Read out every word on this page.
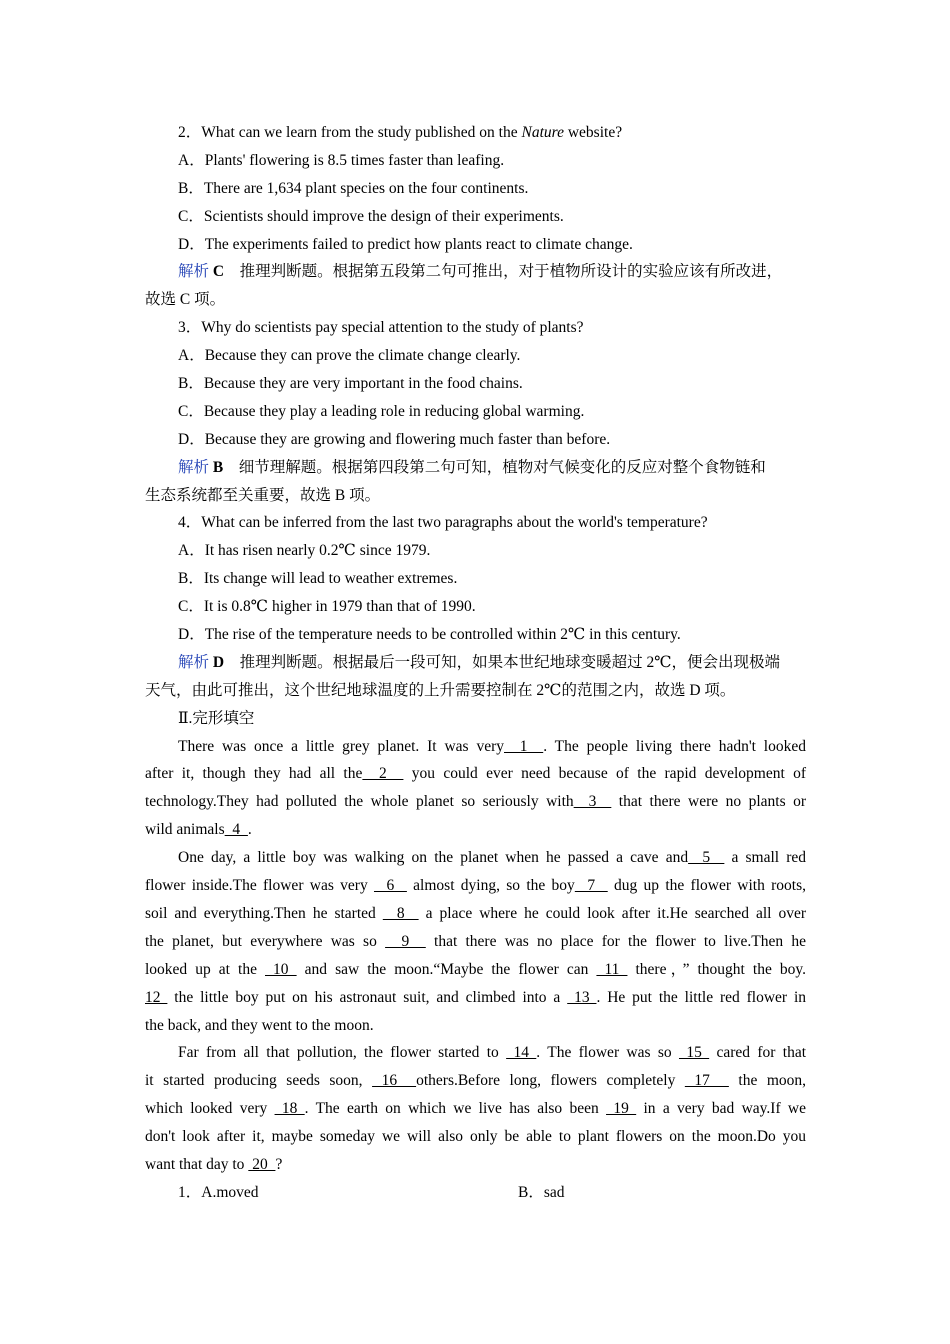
2．What can we learn from the study published on the Nature website?
A．Plants' flowering is 8.5 times faster than leafing.
B．There are 1,634 plant species on the four continents.
C．Scientists should improve the design of their experiments.
D．The experiments failed to predict how plants react to climate change.
解析 C 推理判断题。根据第五段第二句可推出，对于植物所设计的实验应该有所改进，
故选 C 项。
3．Why do scientists pay special attention to the study of plants?
A．Because they can prove the climate change clearly.
B．Because they are very important in the food chains.
C．Because they play a leading role in reducing global warming.
D．Because they are growing and flowering much faster than before.
解析 B 细节理解题。根据第四段第二句可知，植物对气候变化的反应对整个食物链和
生态系统都至关重要，故选 B 项。
4．What can be inferred from the last two paragraphs about the world's temperature?
A．It has risen nearly 0.2℃ since 1979.
B．Its change will lead to weather extremes.
C．It is 0.8℃ higher in 1979 than that of 1990.
D．The rise of the temperature needs to be controlled within 2℃ in this century.
解析 D 推理判断题。根据最后一段可知，如果本世纪地球变暖超过 2℃，便会出现极端
天气，由此可推出，这个世纪地球温度的上升需要控制在 2℃的范围之内，故选 D 项。
Ⅱ.完形填空
There was once a little grey planet. It was very  1  . The people living there hadn't looked
after it, though they had all the  2   you could ever need because of the rapid development of
technology.They had polluted the whole planet so seriously with  3   that there were no plants or
wild animals  4  .
One day, a little boy was walking on the planet when he passed a cave and  5   a small red
flower inside.The flower was very   6   almost dying, so the boy  7   dug up the flower with roots,
soil and everything.Then he started   8   a place where he could look after it.He searched all over
the planet, but everywhere was so   9   that there was no place for the flower to live.Then he
looked up at the  10  and saw the moon.“Maybe the flower can  11  there，” thought the boy.
12  the little boy put on his astronaut suit, and climbed into a  13 . He put the little red flower in
the back, and they went to the moon.
Far from all that pollution, the flower started to  14 . The flower was so  15  cared for that
it started producing seeds soon,  16  others.Before long, flowers completely  17   the moon,
which looked very  18 . The earth on which we live has also been  19  in a very bad way.If we
don't look after it, maybe someday we will also only be able to plant flowers on the moon.Do you
want that day to  20  ?
1．A.moved	B．sad
